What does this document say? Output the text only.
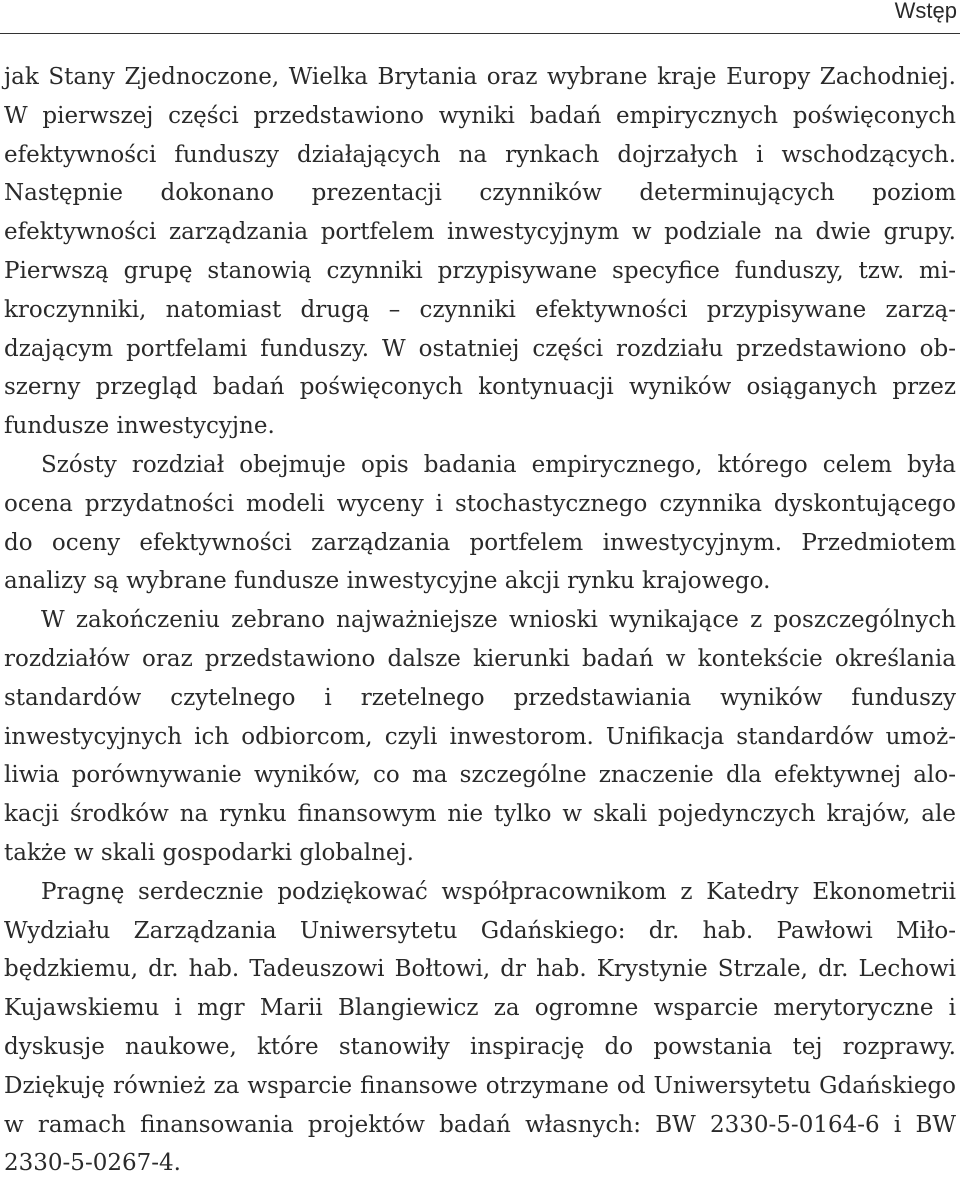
Wstęp

jak Stany Zjednoczone, Wielka Brytania oraz wybrane kraje Europy Zachodniej. W pierwszej części przedstawiono wyniki badań empirycznych poświęconych efektywności funduszy działających na rynkach dojrzałych i wschodzących. Następnie dokonano prezentacji czynników determinujących poziom efektywności zarządzania portfelem inwestycyjnym w podziale na dwie grupy. Pierwszą grupę stanowią czynniki przypisywane specyfice funduszy, tzw. mikroczynniki, natomiast drugą – czynniki efektywności przypisywane zarządzającym portfelami funduszy. W ostatniej części rozdziału przedstawiono obszerny przegląd badań poświęconych kontynuacji wyników osiąganych przez fundusze inwestycyjne.

Szósty rozdział obejmuje opis badania empirycznego, którego celem była ocena przydatności modeli wyceny i stochastycznego czynnika dyskontującego do oceny efektywności zarządzania portfelem inwestycyjnym. Przedmiotem analizy są wybrane fundusze inwestycyjne akcji rynku krajowego.

W zakończeniu zebrano najważniejsze wnioski wynikające z poszczególnych rozdziałów oraz przedstawiono dalsze kierunki badań w kontekście określania standardów czytelnego i rzetelnego przedstawiania wyników funduszy inwestycyjnych ich odbiorcom, czyli inwestorom. Unifikacja standardów umożliwia porównywanie wyników, co ma szczególne znaczenie dla efektywnej alokacji środków na rynku finansowym nie tylko w skali pojedynczych krajów, ale także w skali gospodarki globalnej.

Pragnę serdecznie podziękować współpracownikom z Katedry Ekonometrii Wydziału Zarządzania Uniwersytetu Gdańskiego: dr. hab. Pawłowi Miłobędzkiemu, dr. hab. Tadeuszowi Bołtowi, dr hab. Krystynie Strzale, dr. Lechowi Kujawskiemu i mgr Marii Blangiewicz za ogromne wsparcie merytoryczne i dyskusje naukowe, które stanowiły inspirację do powstania tej rozprawy. Dziękuję również za wsparcie finansowe otrzymane od Uniwersytetu Gdańskiego w ramach finansowania projektów badań własnych: BW 2330-5-0164-6 i BW 2330-5-0267-4.
